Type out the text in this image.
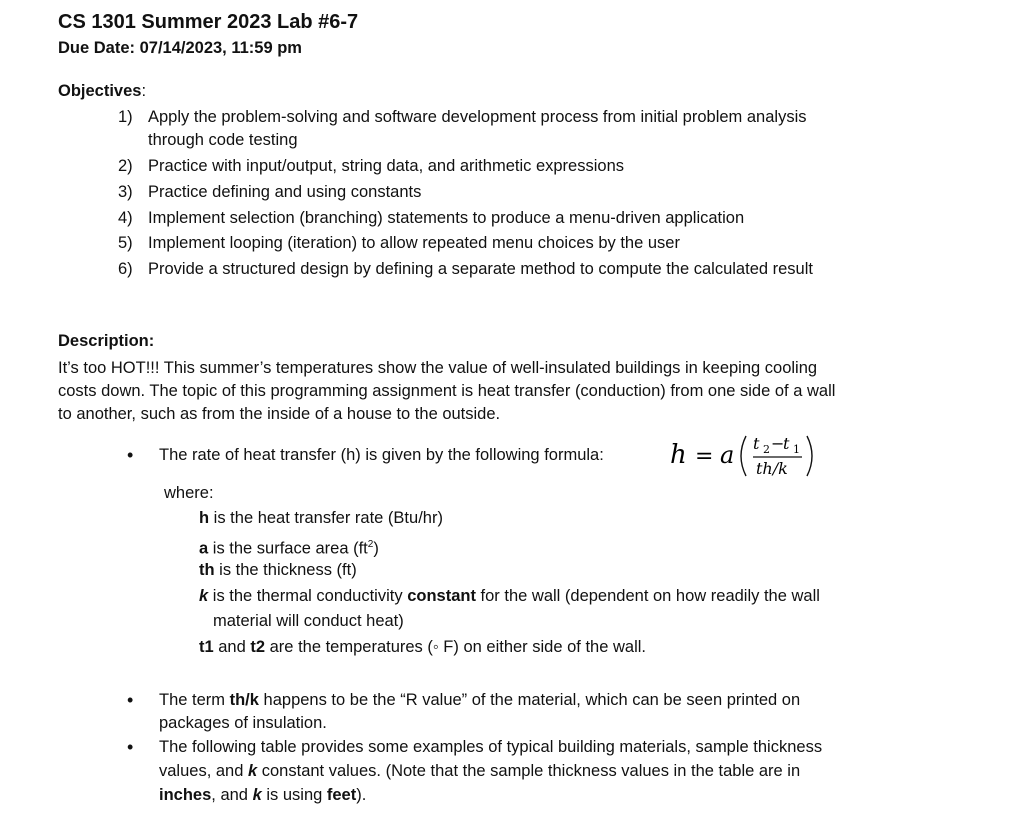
CS 1301 Summer 2023 Lab #6-7
Due Date: 07/14/2023, 11:59 pm
Objectives:
1) Apply the problem-solving and software development process from initial problem analysis
through code testing
2) Practice with input/output, string data, and arithmetic expressions
3) Practice defining and using constants
4) Implement selection (branching) statements to produce a menu-driven application
5) Implement looping (iteration) to allow repeated menu choices by the user
6) Provide a structured design by defining a separate method to compute the calculated result
Description:
It’s too HOT!!! This summer’s temperatures show the value of well-insulated buildings in keeping cooling
costs down. The topic of this programming assignment is heat transfer (conduction) from one side of a wall
to another, such as from the inside of a house to the outside.
•
The rate of heat transfer (h) is given by the following formula:	h = a t 2 −
t 1
th/k
where:
h is the heat transfer rate (Btu/hr)
a is the surface area $(ft^2)$
th is the thickness (ft)
k is the thermal conductivity constant for the wall (dependent on how readily the wall
material will conduct heat)
t1 and t2 are the temperatures (◦ F) on either side of the wall.
•
The term th/k happens to be the “R value” of the material, which can be seen printed on
packages of insulation.
•
The following table provides some examples of typical building materials, sample thickness
values, and k constant values. (Note that the sample thickness values in the table are in
inches, and k is using feet).
